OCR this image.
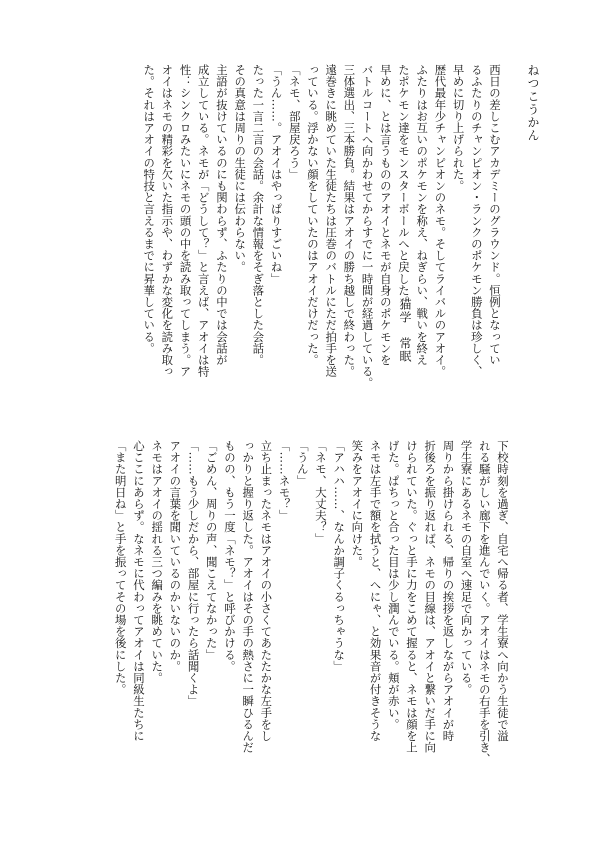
ねつこうかん
猫学　常眠	西日の差しこむアカデミーのグラウンド。恒例となってい
るふたりのチャンピオン・ランクのポケモン勝負は珍しく、
早めに切り上げられた。
歴代最年少チャンピオンのネモ。そしてライバルのアオイ。
ふたりはお互いのポケモンを称え、ねぎらい、戦いを終え
たポケモン達をモンスターボールへと戻した。
早めに、とは言うもののアオイとネモが自身のポケモンを
バトルコートへ向かわせてからすでに一時間が経過している。
三体選出、三本勝負。結果はアオイの勝ち越しで終わった。
遠巻きに眺めていた生徒たちは圧巻のバトルにただ拍手を送
っている。浮かない顔をしていたのはアオイだけだった。
「ネモ、部屋戻ろう」
「うん……。アオイはやっぱりすごいね」
たった一言二言の会話。余計な情報をそぎ落とした会話。
その真意は周りの生徒には伝わらない。
主語が抜けているのにも関わらず、ふたりの中では会話が
成立している。ネモが「どうして？」と言えば、アオイは特
性：シンクロみたいにネモの頭の中を読み取ってしまう。ア
オイはネモの精彩を欠いた指示や、わずかな変化を読み取っ
た。それはアオイの特技と言えるまでに昇華している。
下校時刻を過ぎ、自宅へ帰る者、学生寮へ向かう生徒で溢
れる騒がしい廊下を進んでいく。アオイはネモの右手を引き、
学生寮にあるネモの自室へ速足で向かっている。
周りから掛けられる、帰りの挨拶を返しながらアオイが時
折後ろを振り返れば、ネモの目線は、アオイと繋いだ手に向
けられていた。ぐっと手に力をこめて握ると、ネモは顔を上
げた。ぱちっと合った目は少し潤んでいる。頬が赤い。
ネモは左手で額を拭うと、へにゃ、と効果音が付きそうな
笑みをアオイに向けた。
「アハハ……、なんか調子くるっちゃうな」
「ネモ、大丈夫？」
「うん」
「……ネモ？」
立ち止まったネモはアオイの小さくてあたたかな左手をし
っかりと握り返した。アオイはその手の熱さに一瞬ひるんだ
ものの、もう一度「ネモ？」と呼びかける。
「ごめん、周りの声、聞こえてなかった」
「……もう少しだから、部屋に行ったら話聞くよ」
アオイの言葉を聞いているのかいないのか。
ネモはアオイの揺れる三つ編みを眺めていた。
心ここにあらず。なネモに代わってアオイは同級生たちに
「また明日ね」と手を振ってその場を後にした。
